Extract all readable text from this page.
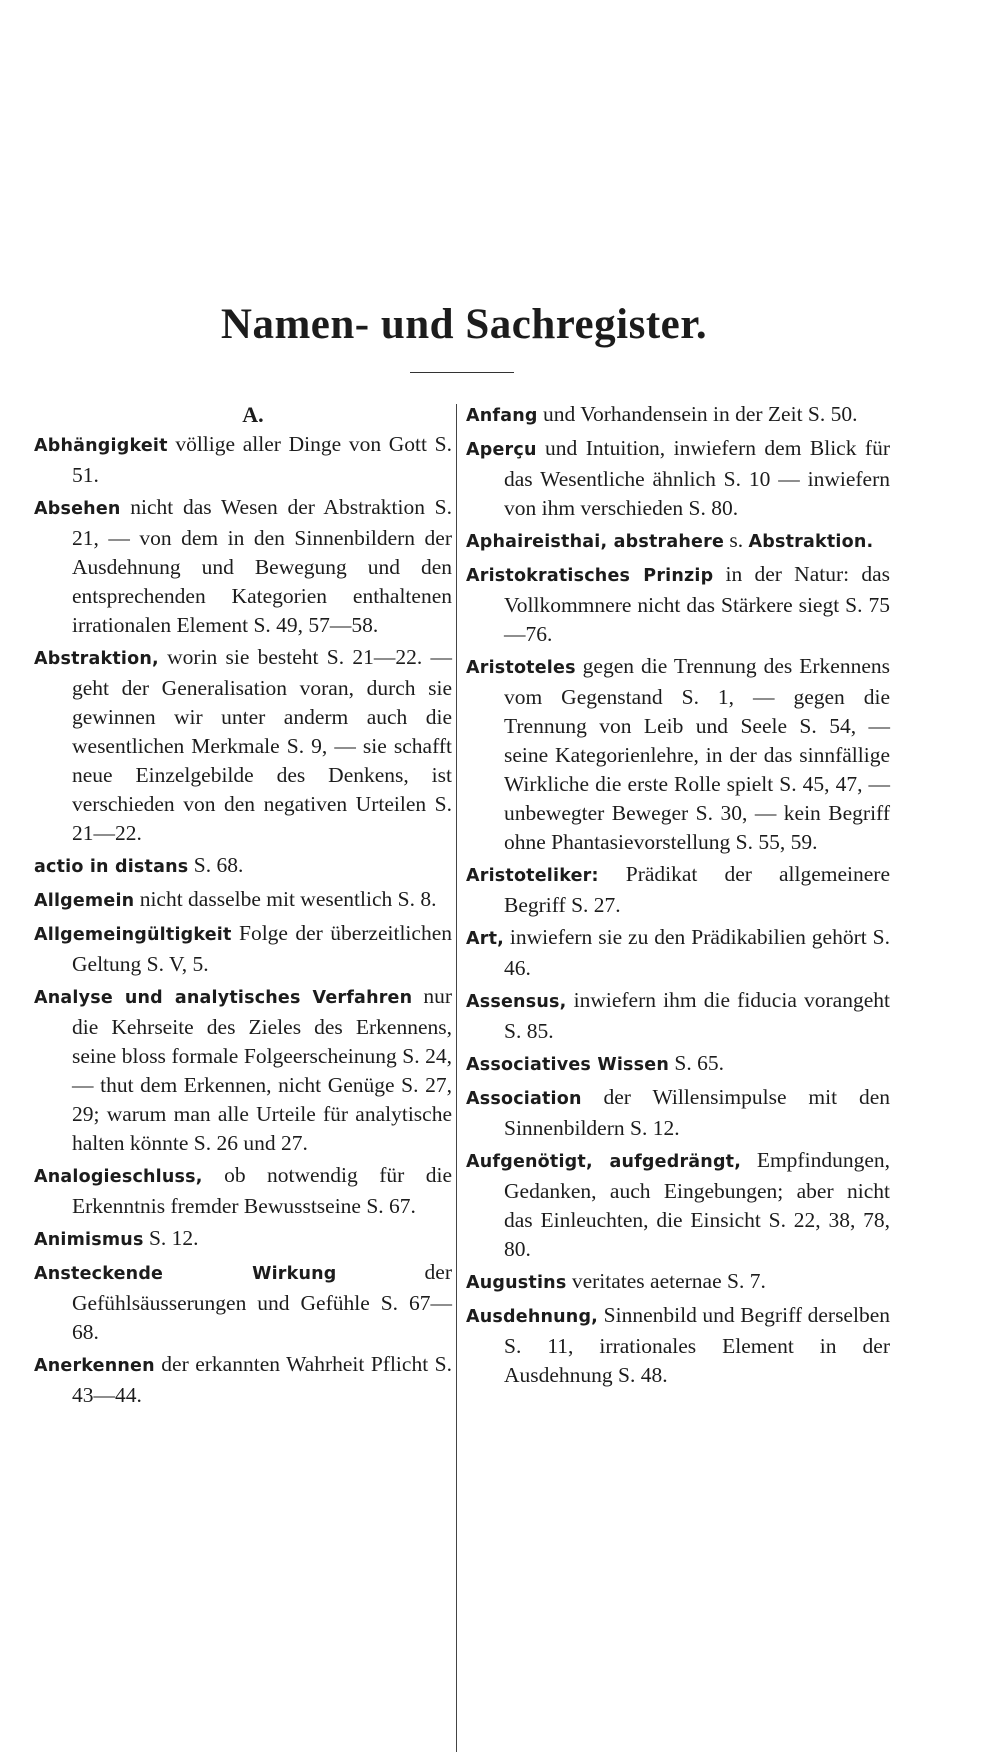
Namen- und Sachregister.
A.

Abhängigkeit völlige aller Dinge von Gott S. 51.

Absehen nicht das Wesen der Abstraktion S. 21, — von dem in den Sinnenbildern der Ausdehnung und Bewegung und den entsprechenden Kategorien enthaltenen irrationalen Element S. 49, 57—58.

Abstraktion, worin sie besteht S. 21—22. — geht der Generalisation voran, durch sie gewinnen wir unter anderm auch die wesentlichen Merkmale S. 9, — sie schafft neue Einzelgebilde des Denkens, ist verschieden von den negativen Urteilen S. 21—22.

actio in distans S. 68.

Allgemein nicht dasselbe mit wesentlich S. 8.

Allgemeingültigkeit Folge der überzeitlichen Geltung S. V, 5.

Analyse und analytisches Verfahren nur die Kehrseite des Zieles des Erkennens, seine bloss formale Folgeerscheinung S. 24, — thut dem Erkennen, nicht Genüge S. 27, 29; warum man alle Urteile für analytische halten könnte S. 26 und 27.

Analogieschluss, ob notwendig für die Erkenntnis fremder Bewusstseine S. 67.

Animismus S. 12.

Ansteckende Wirkung der Gefühlsäusserungen und Gefühle S. 67—68.

Anerkennen der erkannten Wahrheit Pflicht S. 43—44.

Anfang und Vorhandensein in der Zeit S. 50.

Aperçu und Intuition, inwiefern dem Blick für das Wesentliche ähnlich S. 10 — inwiefern von ihm verschieden S. 80.

Aphaireisthai, abstrahere s. Abstraktion.

Aristokratisches Prinzip in der Natur: das Vollkommnere nicht das Stärkere siegt S. 75—76.

Aristoteles gegen die Trennung des Erkennens vom Gegenstand S. 1, — gegen die Trennung von Leib und Seele S. 54, — seine Kategorienlehre, in der das sinnfällige Wirkliche die erste Rolle spielt S. 45, 47, — unbewegter Beweger S. 30, — kein Begriff ohne Phantasievorstellung S. 55, 59.

Aristoteliker: Prädikat der allgemeinere Begriff S. 27.

Art, inwiefern sie zu den Prädikabilien gehört S. 46.

Assensus, inwiefern ihm die fiducia vorangeht S. 85.

Associatives Wissen S. 65.

Association der Willensimpulse mit den Sinnenbildern S. 12.

Aufgenötigt, aufgedrängt, Empfindungen, Gedanken, auch Eingebungen; aber nicht das Einleuchten, die Einsicht S. 22, 38, 78, 80.

Augustins veritates aeternae S. 7.

Ausdehnung, Sinnenbild und Begriff derselben S. 11, irrationales Element in der Ausdehnung S. 48.
